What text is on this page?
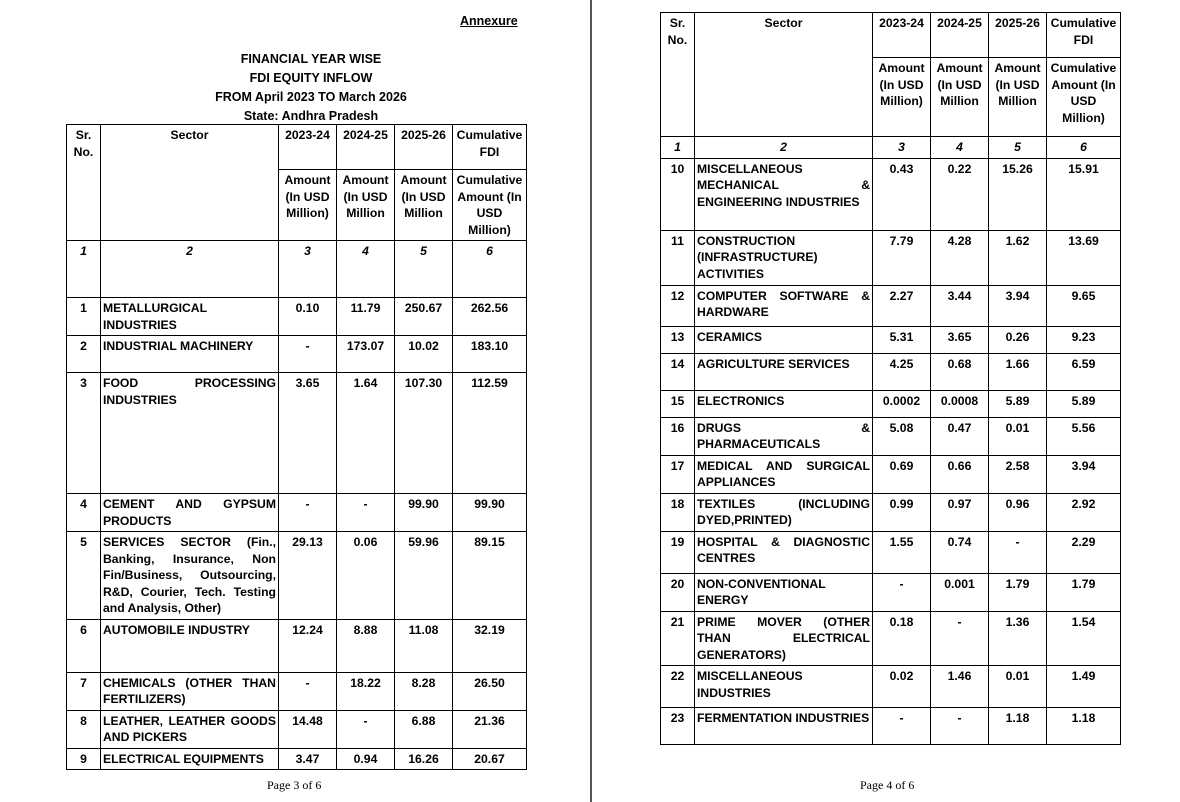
Annexure
FINANCIAL YEAR WISE
FDI EQUITY INFLOW
FROM April 2023 TO March 2026
State: Andhra Pradesh
Sr. No.	Sector	2023-24	2024-25	2025-26	Cumulative FDI
		Amount (In USD Million)	Amount (In USD Million	Amount (In USD Million	Cumulative Amount (In USD Million)
1	2	3	4	5	6
1	METALLURGICAL INDUSTRIES	0.10	11.79	250.67	262.56
2	INDUSTRIAL MACHINERY	-	173.07	10.02	183.10
3	FOOD PROCESSING INDUSTRIES	3.65	1.64	107.30	112.59
4	CEMENT AND GYPSUM PRODUCTS	-	-	99.90	99.90
5	SERVICES SECTOR (Fin., Banking, Insurance, Non Fin/Business, Outsourcing, R&D, Courier, Tech. Testing and Analysis, Other)	29.13	0.06	59.96	89.15
6	AUTOMOBILE INDUSTRY	12.24	8.88	11.08	32.19
7	CHEMICALS (OTHER THAN FERTILIZERS)	-	18.22	8.28	26.50
8	LEATHER, LEATHER GOODS AND PICKERS	14.48	-	6.88	21.36
9	ELECTRICAL EQUIPMENTS	3.47	0.94	16.26	20.67
Page 3 of 6
Sr. No.	Sector	2023-24	2024-25	2025-26	Cumulative FDI
		Amount (In USD Million)	Amount (In USD Million	Amount (In USD Million	Cumulative Amount (In USD Million)
1	2	3	4	5	6
10	MISCELLANEOUS MECHANICAL & ENGINEERING INDUSTRIES	0.43	0.22	15.26	15.91
11	CONSTRUCTION (INFRASTRUCTURE) ACTIVITIES	7.79	4.28	1.62	13.69
12	COMPUTER SOFTWARE & HARDWARE	2.27	3.44	3.94	9.65
13	CERAMICS	5.31	3.65	0.26	9.23
14	AGRICULTURE SERVICES	4.25	0.68	1.66	6.59
15	ELECTRONICS	0.0002	0.0008	5.89	5.89
16	DRUGS & PHARMACEUTICALS	5.08	0.47	0.01	5.56
17	MEDICAL AND SURGICAL APPLIANCES	0.69	0.66	2.58	3.94
18	TEXTILES (INCLUDING DYED,PRINTED)	0.99	0.97	0.96	2.92
19	HOSPITAL & DIAGNOSTIC CENTRES	1.55	0.74	-	2.29
20	NON-CONVENTIONAL ENERGY	-	0.001	1.79	1.79
21	PRIME MOVER (OTHER THAN ELECTRICAL GENERATORS)	0.18	-	1.36	1.54
22	MISCELLANEOUS INDUSTRIES	0.02	1.46	0.01	1.49
23	FERMENTATION INDUSTRIES	-	-	1.18	1.18
Page 4 of 6
